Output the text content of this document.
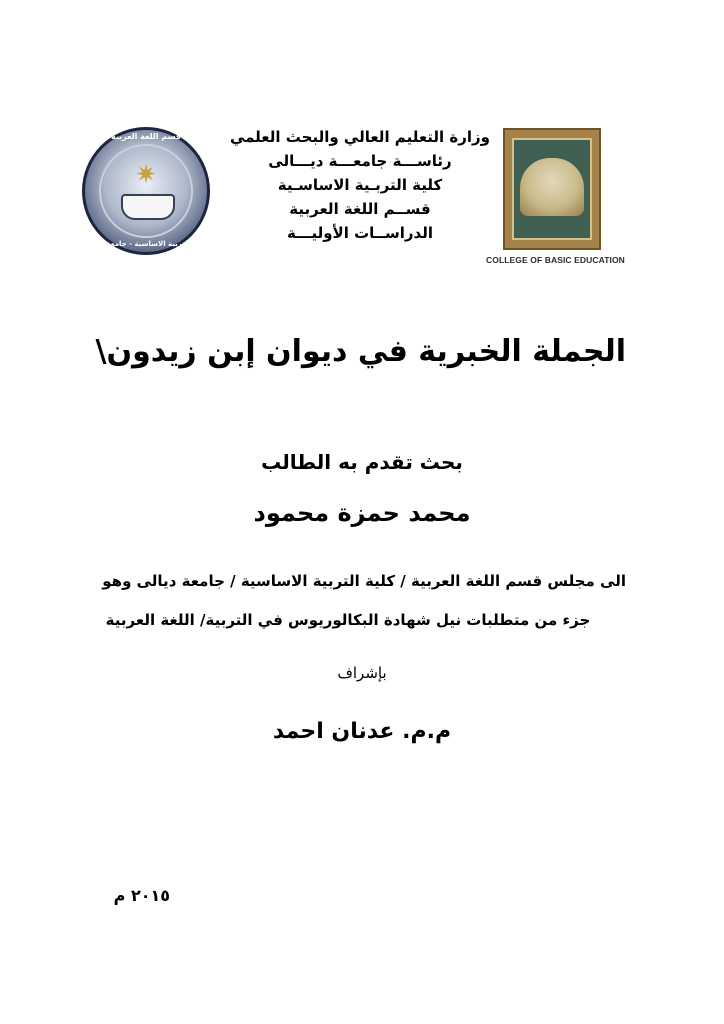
COLLEGE OF BASIC EDUCATION
وزارة التعليم العالي والبحث العلمي
رئاســـة جامعـــة ديـــالى
كلية التربـية الاساسـية
قســم اللغة العربية
الدراســات الأوليـــة
قسم اللغة العربية
✷
كلية التربية الاساسية - جامعة ديالى
الجملة الخبرية في ديوان إبن زيدون\
بحث تقدم به الطالب
محمد حمزة محمود
الى مجلس قسم اللغة العربية / كلية التربية الاساسية / جامعة ديالى وهو
جزء من متطلبات نيل شهادة البكالوريوس في التربية/ اللغة العربية
بإشراف
م.م. عدنان احمد
٢٠١٥ م
